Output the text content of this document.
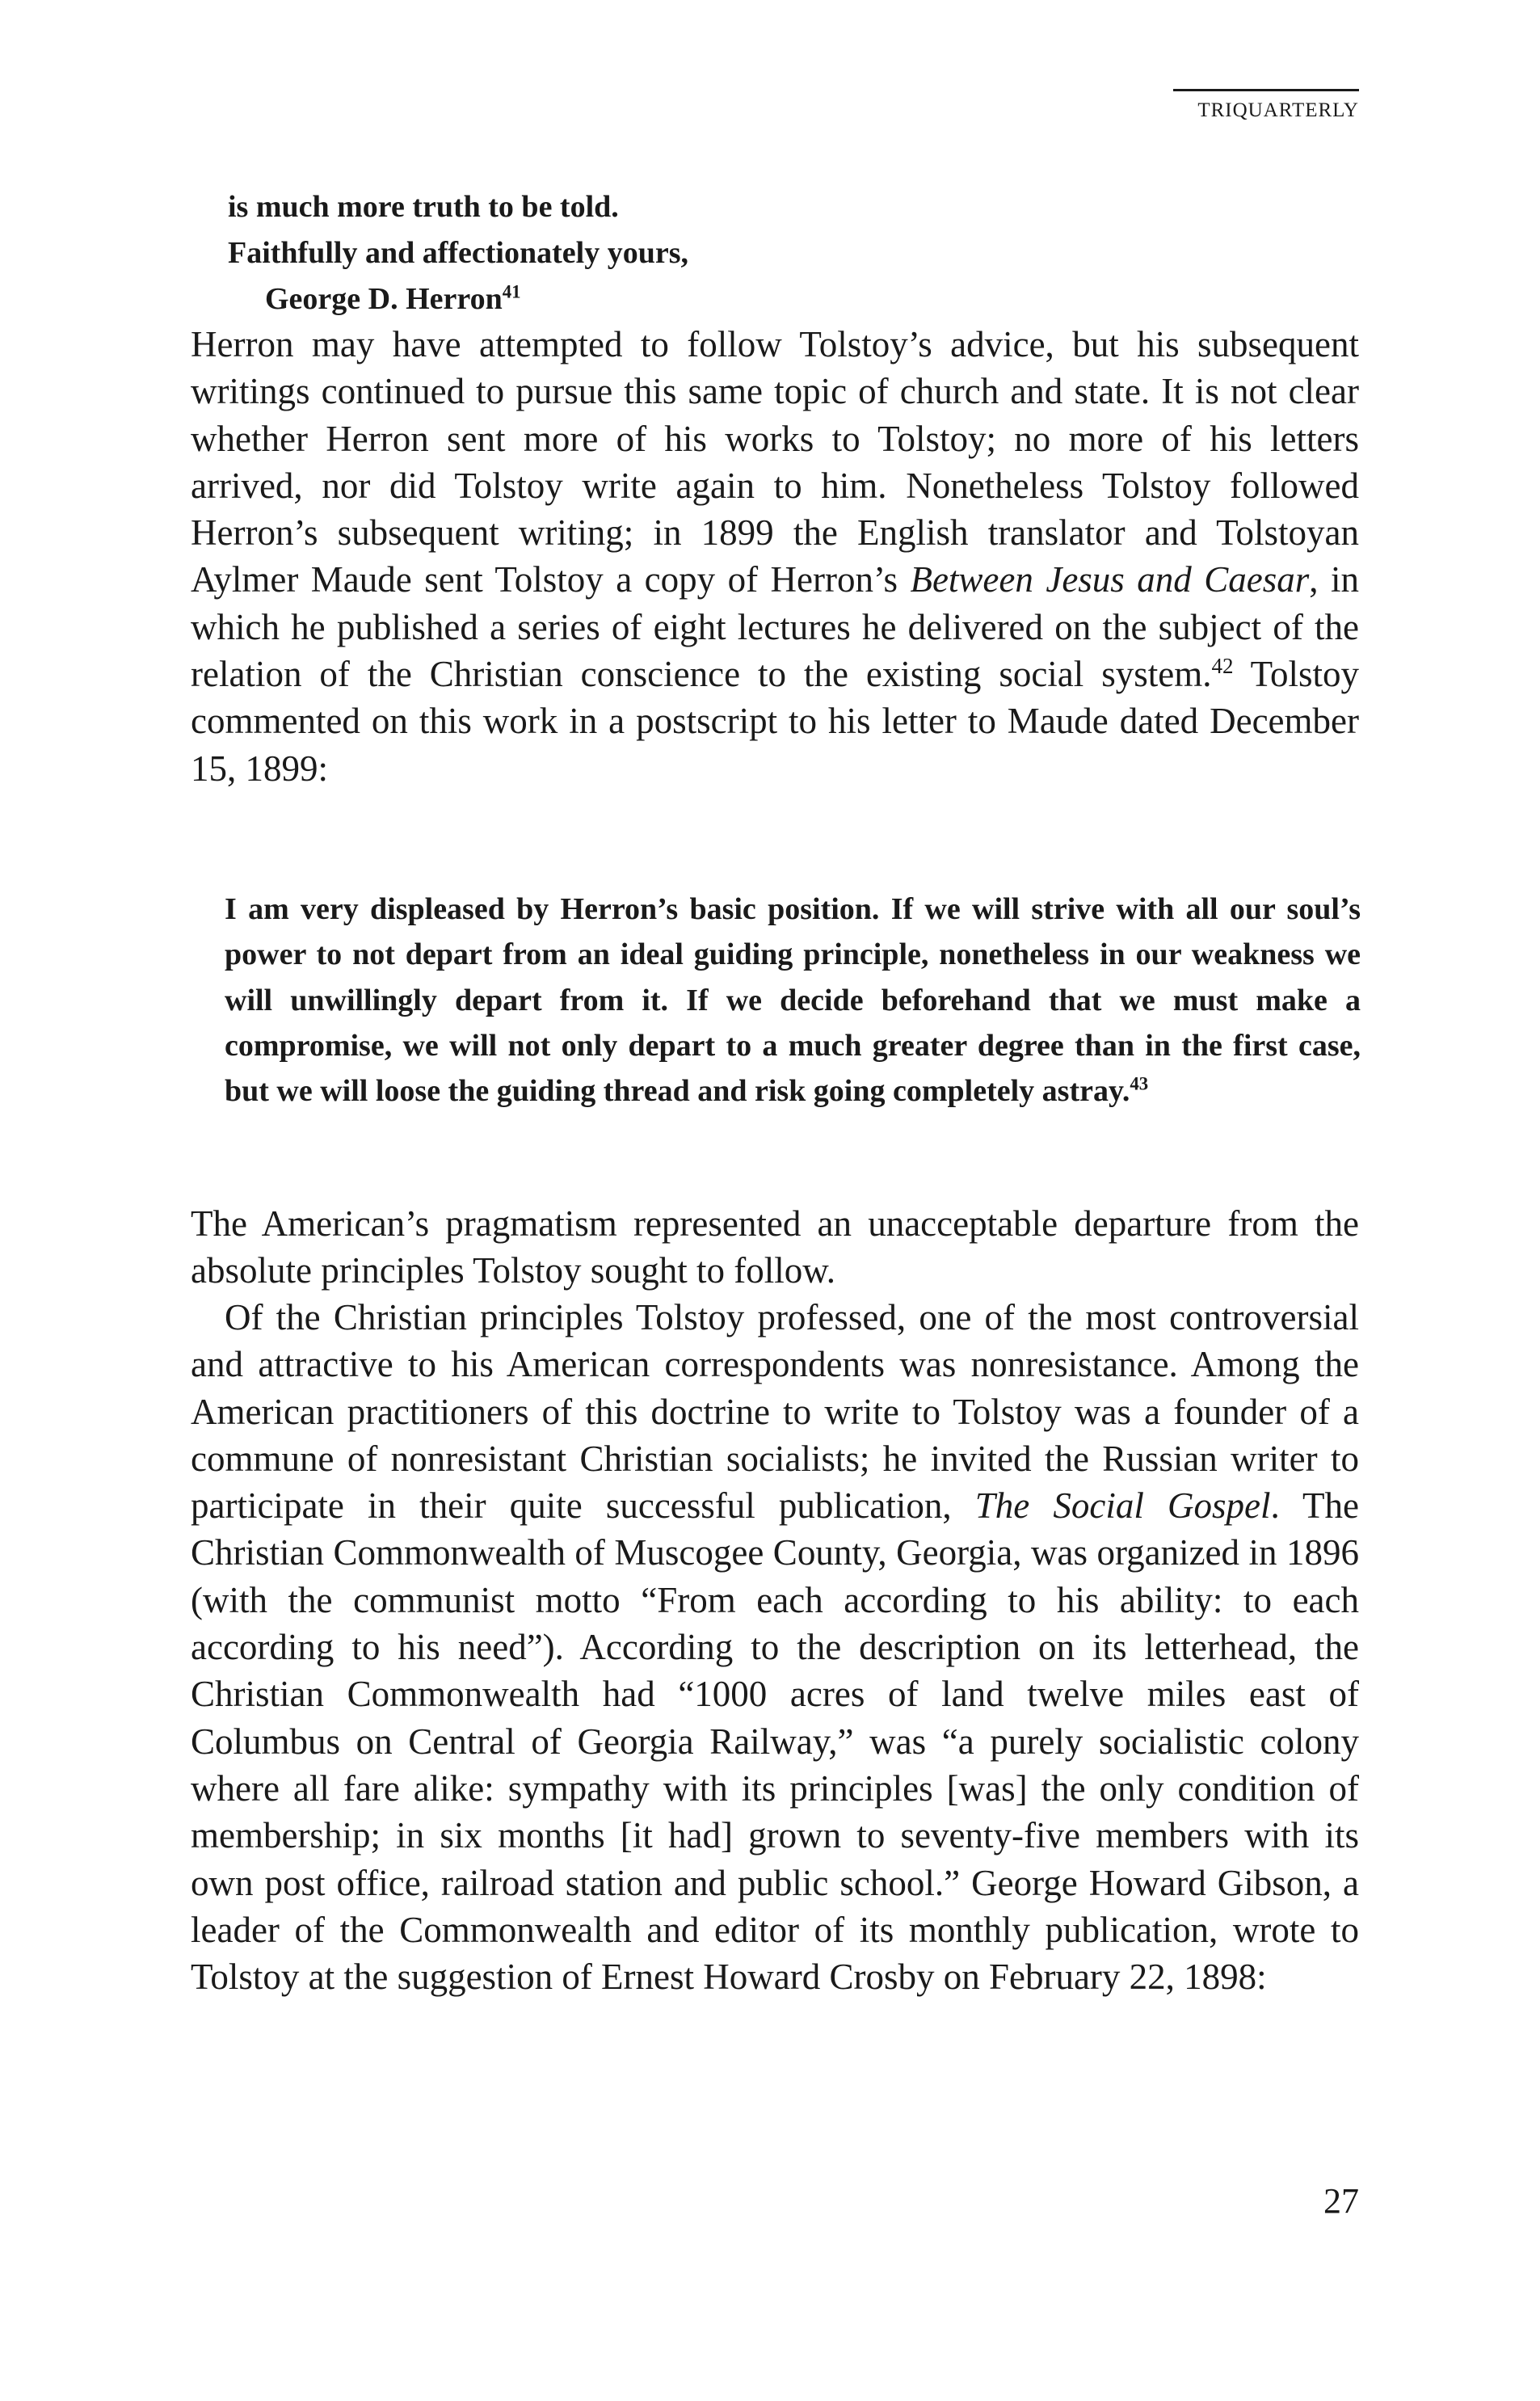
TRIQUARTERLY
is much more truth to be told.
Faithfully and affectionately yours,
George D. Herron$^{41}$
Herron may have attempted to follow Tolstoy’s advice, but his subsequent writings continued to pursue this same topic of church and state. It is not clear whether Herron sent more of his works to Tolstoy; no more of his letters arrived, nor did Tolstoy write again to him. Nonetheless Tolstoy followed Herron’s subsequent writing; in 1899 the English translator and Tolstoyan Aylmer Maude sent Tolstoy a copy of Herron’s Between Jesus and Caesar, in which he published a series of eight lectures he delivered on the subject of the relation of the Christian conscience to the existing social system.$^{42}$ Tolstoy commented on this work in a postscript to his letter to Maude dated December 15, 1899:
I am very displeased by Herron’s basic position. If we will strive with all our soul’s power to not depart from an ideal guiding principle, nonetheless in our weakness we will unwillingly depart from it. If we decide beforehand that we must make a compromise, we will not only depart to a much greater degree than in the first case, but we will loose the guiding thread and risk going completely astray.$^{43}$
The American’s pragmatism represented an unacceptable departure from the absolute principles Tolstoy sought to follow.
Of the Christian principles Tolstoy professed, one of the most controversial and attractive to his American correspondents was nonresistance. Among the American practitioners of this doctrine to write to Tolstoy was a founder of a commune of nonresistant Christian socialists; he invited the Russian writer to participate in their quite successful publication, The Social Gospel. The Christian Commonwealth of Muscogee County, Georgia, was organized in 1896 (with the communist motto “From each according to his ability: to each according to his need”). According to the description on its letterhead, the Christian Commonwealth had “1000 acres of land twelve miles east of Columbus on Central of Georgia Railway,” was “a purely socialistic colony where all fare alike: sympathy with its principles [was] the only condition of membership; in six months [it had] grown to seventy-five members with its own post office, railroad station and public school.” George Howard Gibson, a leader of the Commonwealth and editor of its monthly publication, wrote to Tolstoy at the suggestion of Ernest Howard Crosby on February 22, 1898:
27
